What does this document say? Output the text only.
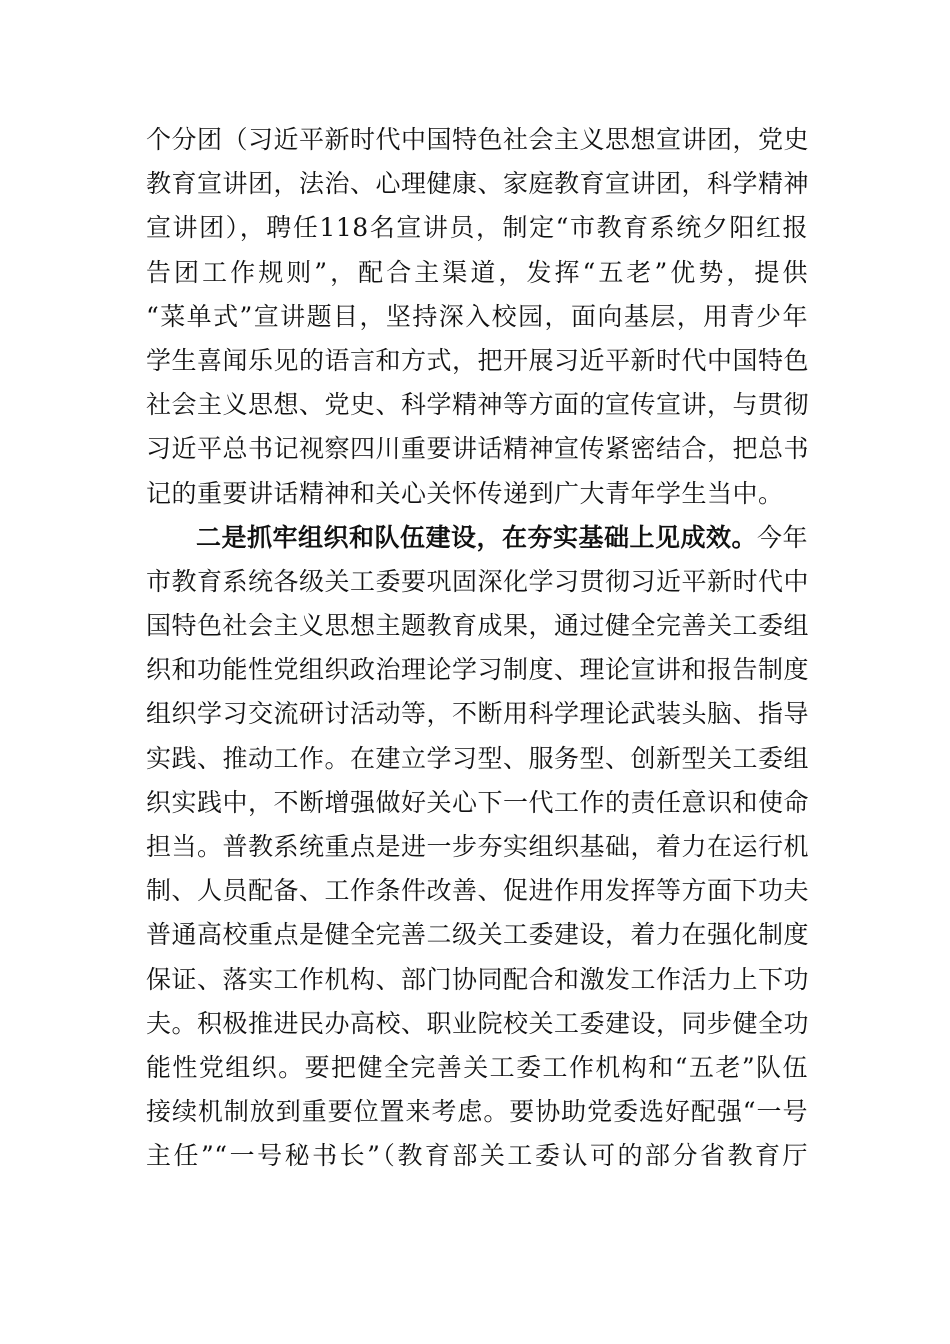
个分团（习近平新时代中国特色社会主义思想宣讲团，党史
教育宣讲团，法治、心理健康、家庭教育宣讲团，科学精神
宣讲团），聘任118名宣讲员，制定“市教育系统夕阳红报
告团工作规则”，配合主渠道，发挥“五老”优势，提供
“菜单式”宣讲题目，坚持深入校园，面向基层，用青少年
学生喜闻乐见的语言和方式，把开展习近平新时代中国特色
社会主义思想、党史、科学精神等方面的宣传宣讲，与贯彻
习近平总书记视察四川重要讲话精神宣传紧密结合，把总书
记的重要讲话精神和关心关怀传递到广大青年学生当中。
二是抓牢组织和队伍建设，在夯实基础上见成效。今年
市教育系统各级关工委要巩固深化学习贯彻习近平新时代中
国特色社会主义思想主题教育成果，通过健全完善关工委组
织和功能性党组织政治理论学习制度、理论宣讲和报告制度
组织学习交流研讨活动等，不断用科学理论武装头脑、指导
实践、推动工作。在建立学习型、服务型、创新型关工委组
织实践中，不断增强做好关心下一代工作的责任意识和使命
担当。普教系统重点是进一步夯实组织基础，着力在运行机
制、人员配备、工作条件改善、促进作用发挥等方面下功夫
普通高校重点是健全完善二级关工委建设，着力在强化制度
保证、落实工作机构、部门协同配合和激发工作活力上下功
夫。积极推进民办高校、职业院校关工委建设，同步健全功
能性党组织。要把健全完善关工委工作机构和“五老”队伍
接续机制放到重要位置来考虑。要协助党委选好配强“一号
主任”“一号秘书长”（教育部关工委认可的部分省教育厅
